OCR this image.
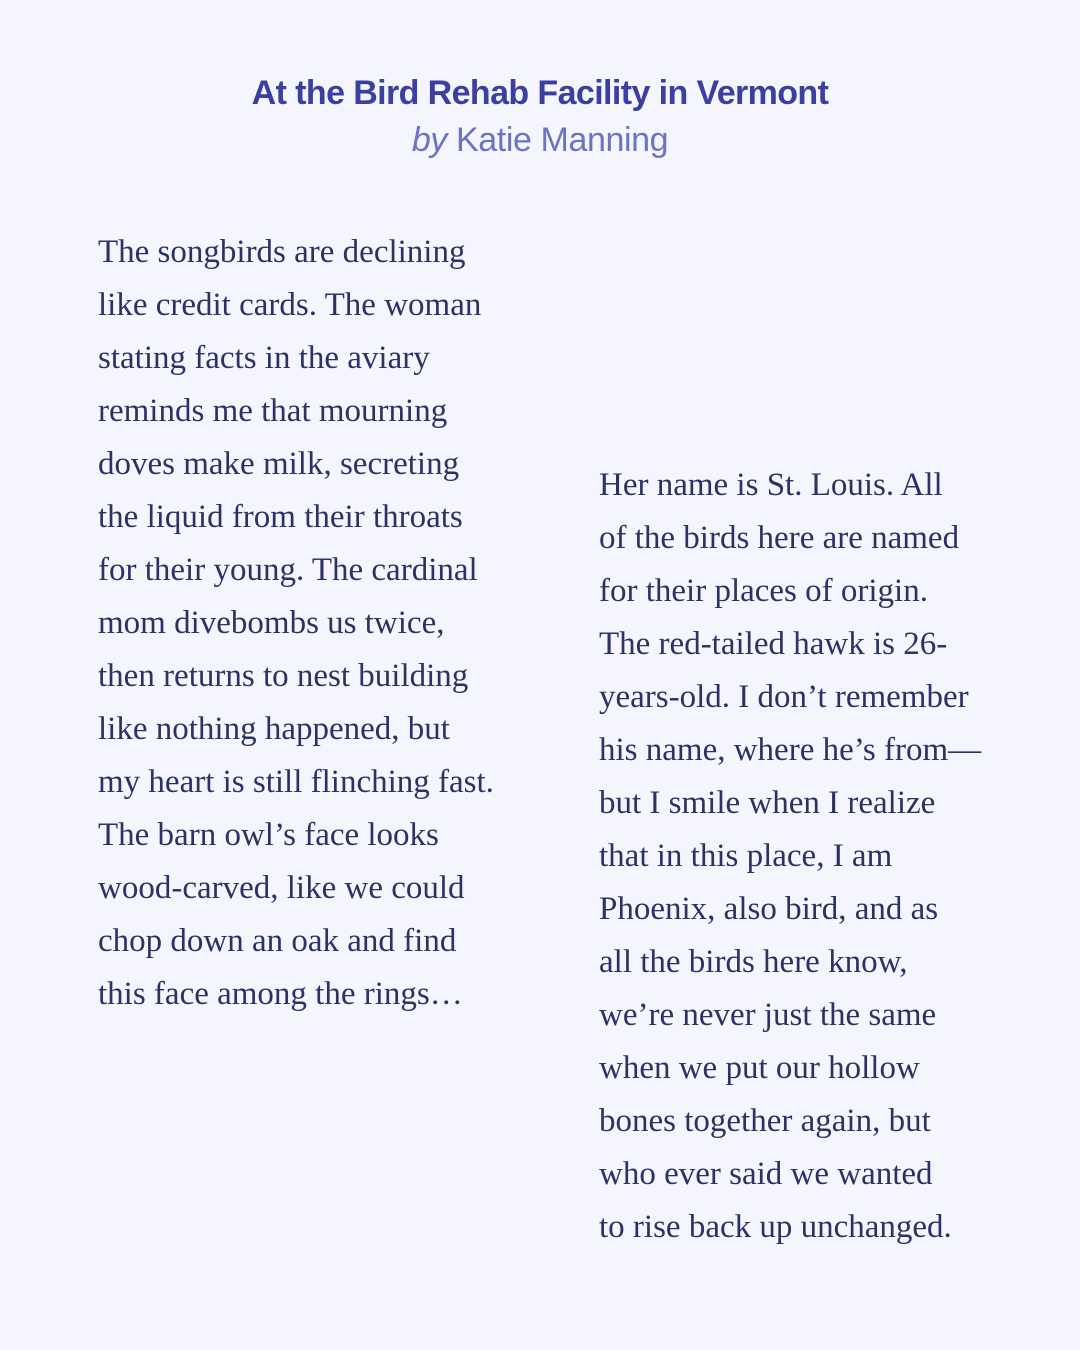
At the Bird Rehab Facility in Vermont

by Katie Manning

The songbirds are declining
like credit cards. The woman
stating facts in the aviary
reminds me that mourning
doves make milk, secreting
the liquid from their throats
for their young. The cardinal
mom divebombs us twice,
then returns to nest building
like nothing happened, but
my heart is still flinching fast.
The barn owl’s face looks
wood-carved, like we could
chop down an oak and find
this face among the rings…
Her name is St. Louis. All
of the birds here are named
for their places of origin.
The red-tailed hawk is 26-
years-old. I don’t remember
his name, where he’s from—
but I smile when I realize
that in this place, I am
Phoenix, also bird, and as
all the birds here know,
we’re never just the same
when we put our hollow
bones together again, but
who ever said we wanted
to rise back up unchanged.
